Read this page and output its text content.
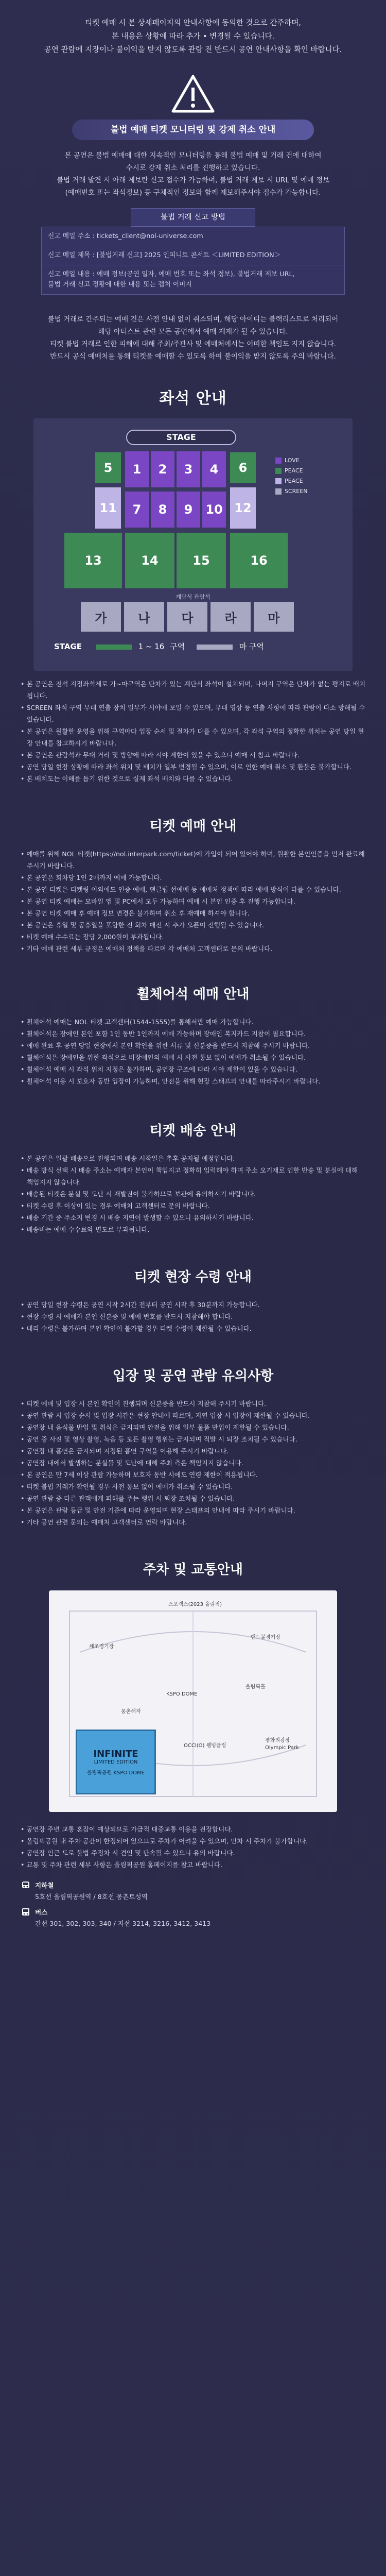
티켓 예매 시 본 상세페이지의 안내사항에 동의한 것으로 간주하며,

본 내용은 상황에 따라 추가 • 변경될 수 있습니다.

공연 관람에 지장이나 불이익을 받지 않도록 관람 전 반드시 공연 안내사항을 확인 바랍니다.

불법 예매 티켓 모니터링 및 강제 취소 안내

본 공연은 불법 예매에 대한 지속적인 모니터링을 통해 불법 예매 및 거래 건에 대하여

수시로 강제 취소 처리를 진행하고 있습니다.

불법 거래 발견 시 아래 제보란 신고 접수가 가능하며, 불법 거래 제보 시 URL 및 예매 정보

(예매번호 또는 좌석정보) 등 구체적인 정보와 함께 제보해주셔야 접수가 가능합니다.

불법 거래 신고 방법
신고 메일 주소 : tickets_client@nol-universe.com
신고 메일 제목 : [불법거래 신고] 2025 인피니트 콘서트 ＜LIMITED EDITION＞
신고 메일 내용 : 예매 정보(공연 일자, 예매 번호 또는 좌석 정보), 불법거래 제보 URL,
불법 거래 신고 정황에 대한 내용 또는 캡처 이미지

불법 거래로 간주되는 예매 건은 사전 안내 없이 취소되며, 해당 아이디는 블랙리스트로 처리되어

해당 아티스트 관련 모든 공연에서 예매 제재가 될 수 있습니다.

티켓 불법 거래로 인한 피해에 대해 주최/주관사 및 예매처에서는 어떠한 책임도 지지 않습니다.

반드시 공식 예매처를 통해 티켓을 예매할 수 있도록 하여 불이익을 받지 않도록 주의 바랍니다.

좌석 안내
STAGE
LOVE
PEACE
PEACE
SCREEN
1	2	3	4
5	6
7	8	9	10
11	12
13	14	15	16
계단식 관람석
가	나	다	라	마
STAGE	1 ~ 16 구역	마 구역

• 본 공연은 전석 지정좌석제로 가~마구역은 단차가 있는 계단식 좌석이 설치되며, 나머지 구역은 단차가 없는 평지로 배치됩니다.

• SCREEN 좌석 구역 무대 연출 장치 일부가 시야에 보일 수 있으며, 무대 영상 등 연출 사항에 따라 관람이 다소 방해될 수 있습니다.

• 본 공연은 원활한 운영을 위해 구역마다 입장 순서 및 절차가 다를 수 있으며, 각 좌석 구역의 정확한 위치는 공연 당일 현장 안내를 참고하시기 바랍니다.

• 본 공연은 관람석과 무대 거리 및 방향에 따라 시야 제한이 있을 수 있으니 예매 시 참고 바랍니다.

• 공연 당일 현장 상황에 따라 좌석 위치 및 배치가 일부 변경될 수 있으며, 이로 인한 예매 취소 및 환불은 불가합니다.

• 본 배치도는 이해를 돕기 위한 것으로 실제 좌석 배치와 다를 수 있습니다.

티켓 예매 안내

• 예매를 위해 NOL 티켓(https://nol.interpark.com/ticket)에 가입이 되어 있어야 하며, 원활한 본인인증을 먼저 완료해 주시기 바랍니다.

• 본 공연은 회차당 1인 2매까지 예매 가능합니다.

• 본 공연 티켓은 티켓링 이외에도 인증 예매, 팬클럽 선예매 등 예매처 정책에 따라 예매 방식이 다를 수 있습니다.

• 본 공연 티켓 예매는 모바일 앱 및 PC에서 모두 가능하며 예매 시 본인 인증 후 진행 가능합니다.

• 본 공연 티켓 예매 후 예매 정보 변경은 불가하며 취소 후 재예매 하셔야 합니다.

• 본 공연은 휴일 및 공휴일을 포함한 전 회차 매진 시 추가 오픈이 진행될 수 있습니다.

• 티켓 예매 수수료는 장당 2,000원이 부과됩니다.

• 기타 예매 관련 세부 규정은 예매처 정책을 따르며 각 예매처 고객센터로 문의 바랍니다.

휠체어석 예매 안내

• 휠체어석 예매는 NOL 티켓 고객센터(1544-1555)를 통해서만 예매 가능합니다.

• 휠체어석은 장애인 본인 포함 1인 동반 1인까지 예매 가능하며 장애인 복지카드 지참이 필요합니다.

• 예매 완료 후 공연 당일 현장에서 본인 확인을 위한 서류 및 신분증을 반드시 지참해 주시기 바랍니다.

• 휠체어석은 장애인을 위한 좌석으로 비장애인의 예매 시 사전 통보 없이 예매가 취소될 수 있습니다.

• 휠체어석 예매 시 좌석 위치 지정은 불가하며, 공연장 구조에 따라 시야 제한이 있을 수 있습니다.

• 휠체어석 이용 시 보호자 동반 입장이 가능하며, 안전을 위해 현장 스태프의 안내를 따라주시기 바랍니다.

티켓 배송 안내

• 본 공연은 일괄 배송으로 진행되며 배송 시작일은 추후 공지될 예정입니다.

• 배송 방식 선택 시 배송 주소는 예매자 본인이 책임지고 정확히 입력해야 하며 주소 오기재로 인한 반송 및 분실에 대해 책임지지 않습니다.

• 배송된 티켓은 분실 및 도난 시 재발권이 불가하므로 보관에 유의하시기 바랍니다.

• 티켓 수령 후 이상이 있는 경우 예매처 고객센터로 문의 바랍니다.

• 배송 기간 중 주소지 변경 시 배송 지연이 발생할 수 있으니 유의하시기 바랍니다.

• 배송비는 예매 수수료와 별도로 부과됩니다.

티켓 현장 수령 안내

• 공연 당일 현장 수령은 공연 시작 2시간 전부터 공연 시작 후 30분까지 가능합니다.

• 현장 수령 시 예매자 본인 신분증 및 예매 번호를 반드시 지참해야 합니다.

• 대리 수령은 불가하며 본인 확인이 불가할 경우 티켓 수령이 제한될 수 있습니다.

입장 및 공연 관람 유의사항

• 티켓 예매 및 입장 시 본인 확인이 진행되며 신분증을 반드시 지참해 주시기 바랍니다.

• 공연 관람 시 입장 순서 및 입장 시간은 현장 안내에 따르며, 지연 입장 시 입장이 제한될 수 있습니다.

• 공연장 내 음식물 반입 및 취식은 금지되며 안전을 위해 일부 물품 반입이 제한될 수 있습니다.

• 공연 중 사진 및 영상 촬영, 녹음 등 모든 촬영 행위는 금지되며 적발 시 퇴장 조치될 수 있습니다.

• 공연장 내 흡연은 금지되며 지정된 흡연 구역을 이용해 주시기 바랍니다.

• 공연장 내에서 발생하는 분실물 및 도난에 대해 주최 측은 책임지지 않습니다.

• 본 공연은 만 7세 이상 관람 가능하며 보호자 동반 시에도 연령 제한이 적용됩니다.

• 티켓 불법 거래가 확인될 경우 사전 통보 없이 예매가 취소될 수 있습니다.

• 공연 관람 중 다른 관객에게 피해를 주는 행위 시 퇴장 조치될 수 있습니다.

• 본 공연은 관람 등급 및 안전 기준에 따라 운영되며 현장 스태프의 안내에 따라 주시기 바랍니다.

• 기타 공연 관련 문의는 예매처 고객센터로 연락 바랍니다.

주차 및 교통안내
스포렉스(2023 올림픽)
핸드볼경기장
체조경기장
올림픽홀
KSPO DOME
몽촌해자
평화의광장
OCCI(O) 웰빙클럽	Olympic Park
INFINITE
LIMITED EDITION
올림픽공원 KSPO DOME

• 공연장 주변 교통 혼잡이 예상되므로 가급적 대중교통 이용을 권장합니다.

• 올림픽공원 내 주차 공간이 한정되어 있으므로 주차가 어려울 수 있으며, 만차 시 주차가 불가합니다.

• 공연장 인근 도로 불법 주정차 시 견인 및 단속될 수 있으니 유의 바랍니다.

• 교통 및 주차 관련 세부 사항은 올림픽공원 홈페이지를 참고 바랍니다.

지하철
5호선 올림픽공원역 / 8호선 몽촌토성역
버스
간선 301, 302, 303, 340 / 지선 3214, 3216, 3412, 3413
